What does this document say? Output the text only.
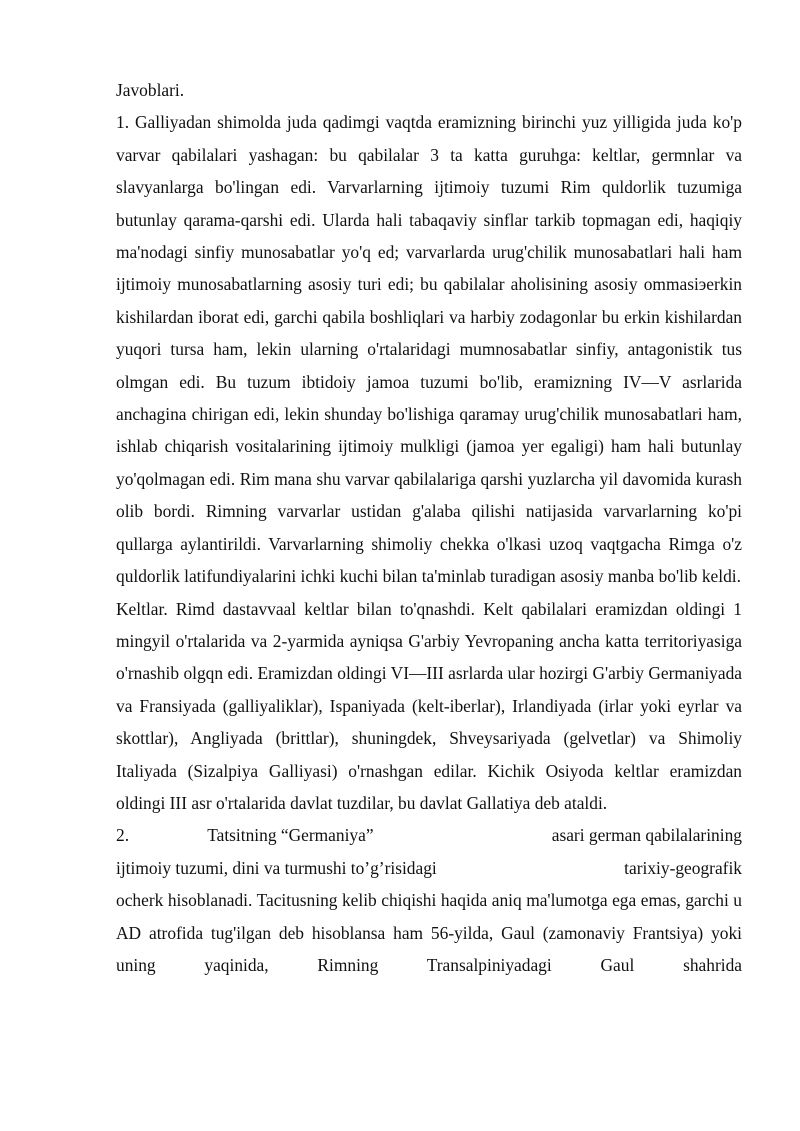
Javoblari.

1. Galliyadan shimolda juda qadimgi vaqtda eramizning birinchi yuz yilligida juda ko'p varvar qabilalari yashagan: bu qabilalar 3 ta katta guruhga: keltlar, germnlar va slavyanlarga bo'lingan edi. Varvarlarning ijtimoiy tuzumi Rim quldorlik tuzumiga butunlay qarama-qarshi edi. Ularda hali tabaqaviy sinflar tarkib topmagan edi, haqiqiy ma'nodagi sinfiy munosabatlar yo'q ed; varvarlarda urug'chilik munosabatlari hali ham ijtimoiy munosabatlarning asosiy turi edi; bu qabilalar aholisining asosiy ommasiэerkin kishilardan iborat edi, garchi qabila boshliqlari va harbiy zodagonlar bu erkin kishilardan yuqori tursa ham, lekin ularning o'rtalaridagi mumnosabatlar sinfiy, antagonistik tus olmgan edi. Bu tuzum ibtidoiy jamoa tuzumi bo'lib, eramizning IV—V asrlarida anchagina chirigan edi, lekin shunday bo'lishiga qaramay urug'chilik munosabatlari ham, ishlab chiqarish vositalarining ijtimoiy mulkligi (jamoa yer egaligi) ham hali butunlay yo'qolmagan edi. Rim mana shu varvar qabilalariga qarshi yuzlarcha yil davomida kurash olib bordi. Rimning varvarlar ustidan g'alaba qilishi natijasida varvarlarning ko'pi qullarga aylantirildi. Varvarlarning shimoliy chekka o'lkasi uzoq vaqtgacha Rimga o'z quldorlik latifundiyalarini ichki kuchi bilan ta'minlab turadigan asosiy manba bo'lib keldi.

Keltlar. Rimd dastavvaal keltlar bilan to'qnashdi. Kelt qabilalari eramizdan oldingi 1 mingyil o'rtalarida va 2-yarmida ayniqsa G'arbiy Yevropaning ancha katta territoriyasiga o'rnashib olgqn edi. Eramizdan oldingi VI—III asrlarda ular hozirgi G'arbiy Germaniyada va Fransiyada (galliyaliklar), Ispaniyada (kelt-iberlar), Irlandiyada (irlar yoki eyrlar va skottlar), Angliyada (brittlar), shuningdek, Shveysariyada (gelvetlar) va Shimoliy Italiyada (Sizalpiya Galliyasi) o'rnashgan edilar. Kichik Osiyoda keltlar eramizdan oldingi III asr o'rtalarida davlat tuzdilar, bu davlat Gallatiya deb ataldi.

2.	Tatsitning “Germaniya”	asari german qabilalarining
ijtimoiy tuzumi, dini va turmushi to’g’risidagi	tarixiy-geografik

ocherk hisoblanadi. Tacitusning kelib chiqishi haqida aniq ma'lumotga ega emas, garchi u AD atrofida tug'ilgan deb hisoblansa ham 56-yilda, Gaul (zamonaviy Frantsiya) yoki uning yaqinida, Rimning Transalpiniyadagi Gaul shahrida
